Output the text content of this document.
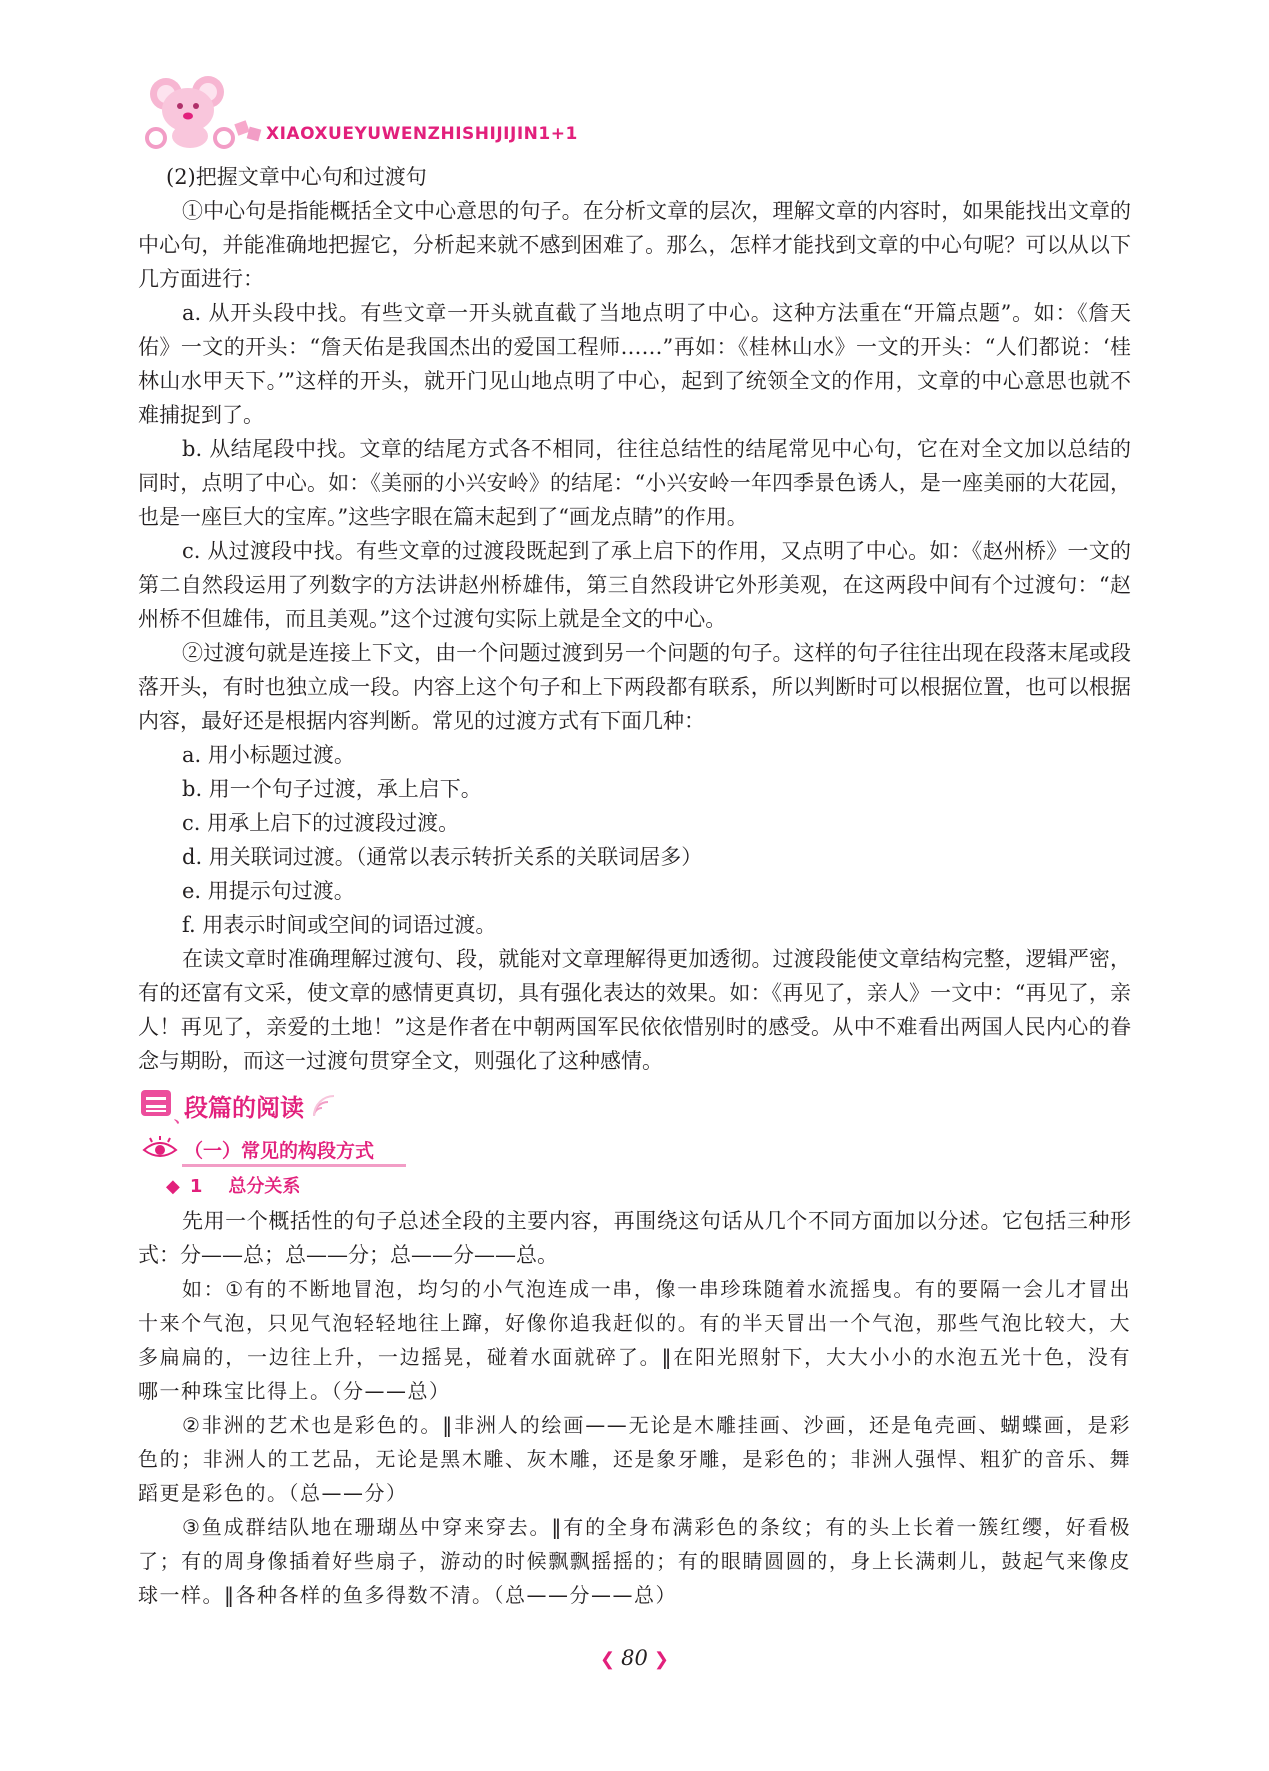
XIAOXUEYUWENZHISHIJIJIN1+1

(2)把握文章中心句和过渡句

①中心句是指能概括全文中心意思的句子。在分析文章的层次，理解文章的内容时，如果能找出文章的中心句，并能准确地把握它，分析起来就不感到困难了。那么，怎样才能找到文章的中心句呢？可以从以下几方面进行：

a. 从开头段中找。有些文章一开头就直截了当地点明了中心。这种方法重在“开篇点题”。如：《詹天佑》一文的开头：“詹天佑是我国杰出的爱国工程师……”再如：《桂林山水》一文的开头：“人们都说：‘桂林山水甲天下。’”这样的开头，就开门见山地点明了中心，起到了统领全文的作用，文章的中心意思也就不难捕捉到了。

b. 从结尾段中找。文章的结尾方式各不相同，往往总结性的结尾常见中心句，它在对全文加以总结的同时，点明了中心。如：《美丽的小兴安岭》的结尾：“小兴安岭一年四季景色诱人，是一座美丽的大花园，也是一座巨大的宝库。”这些字眼在篇末起到了“画龙点睛”的作用。

c. 从过渡段中找。有些文章的过渡段既起到了承上启下的作用，又点明了中心。如：《赵州桥》一文的第二自然段运用了列数字的方法讲赵州桥雄伟，第三自然段讲它外形美观，在这两段中间有个过渡句：“赵州桥不但雄伟，而且美观。”这个过渡句实际上就是全文的中心。

②过渡句就是连接上下文，由一个问题过渡到另一个问题的句子。这样的句子往往出现在段落末尾或段落开头，有时也独立成一段。内容上这个句子和上下两段都有联系，所以判断时可以根据位置，也可以根据内容，最好还是根据内容判断。常见的过渡方式有下面几种：

a. 用小标题过渡。

b. 用一个句子过渡，承上启下。

c. 用承上启下的过渡段过渡。

d. 用关联词过渡。（通常以表示转折关系的关联词居多）

e. 用提示句过渡。

f. 用表示时间或空间的词语过渡。

在读文章时准确理解过渡句、段，就能对文章理解得更加透彻。过渡段能使文章结构完整，逻辑严密，有的还富有文采，使文章的感情更真切，具有强化表达的效果。如：《再见了，亲人》一文中：“再见了，亲人！再见了，亲爱的土地！”这是作者在中朝两国军民依依惜别时的感受。从中不难看出两国人民内心的眷念与期盼，而这一过渡句贯穿全文，则强化了这种感情。

、
段篇的阅读
（一）常见的构段方式
◆ 1 总分关系

先用一个概括性的句子总述全段的主要内容，再围绕这句话从几个不同方面加以分述。它包括三种形式：分——总；总——分；总——分——总。

如：①有的不断地冒泡，均匀的小气泡连成一串，像一串珍珠随着水流摇曳。有的要隔一会儿才冒出十来个气泡，只见气泡轻轻地往上蹿，好像你追我赶似的。有的半天冒出一个气泡，那些气泡比较大，大多扁扁的，一边往上升，一边摇晃，碰着水面就碎了。‖在阳光照射下，大大小小的水泡五光十色，没有哪一种珠宝比得上。（分——总）

②非洲的艺术也是彩色的。‖非洲人的绘画——无论是木雕挂画、沙画，还是龟壳画、蝴蝶画，是彩色的；非洲人的工艺品，无论是黑木雕、灰木雕，还是象牙雕，是彩色的；非洲人强悍、粗犷的音乐、舞蹈更是彩色的。（总——分）

③鱼成群结队地在珊瑚丛中穿来穿去。‖有的全身布满彩色的条纹；有的头上长着一簇红缨，好看极了；有的周身像插着好些扇子，游动的时候飘飘摇摇的；有的眼睛圆圆的，身上长满刺儿，鼓起气来像皮球一样。‖各种各样的鱼多得数不清。（总——分——总）

❮ 80 ❯
